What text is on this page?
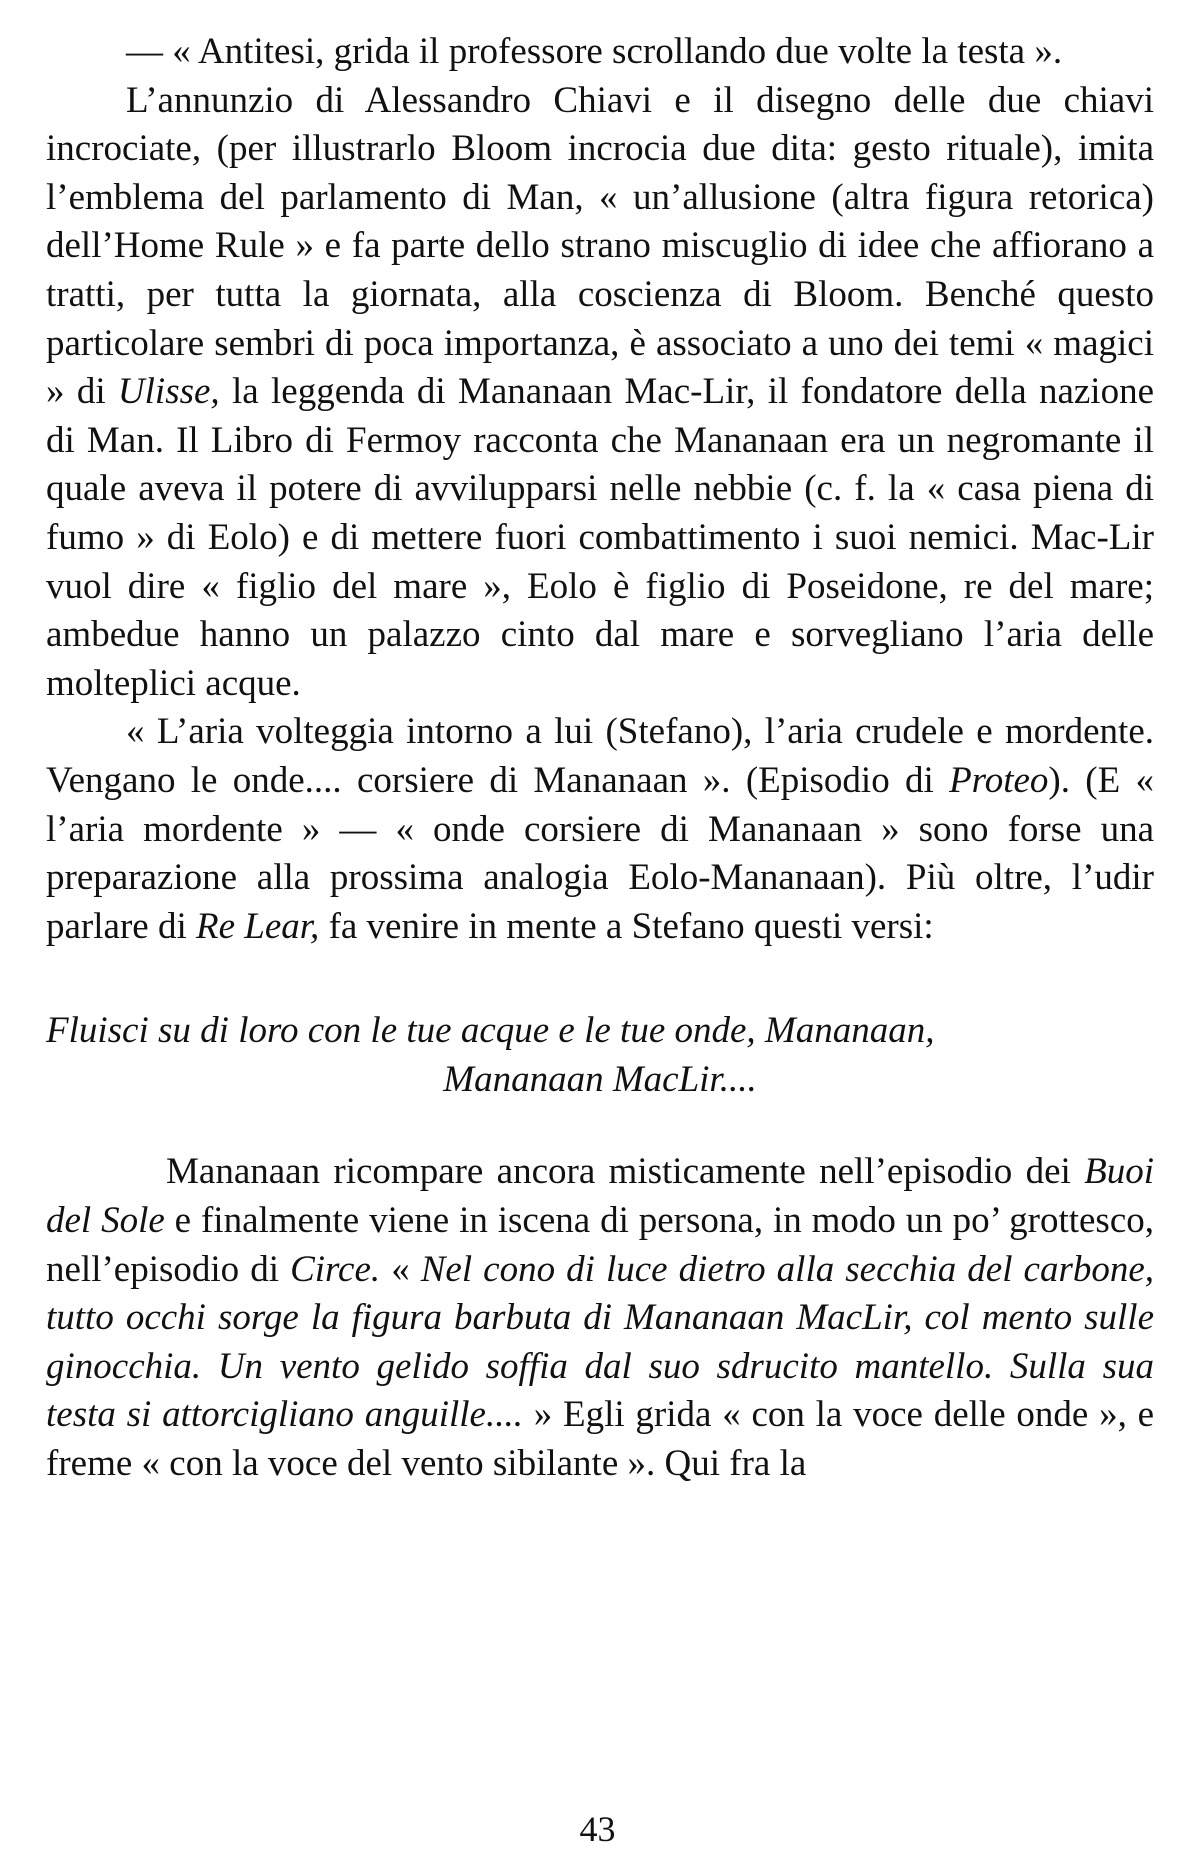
— « Antitesi, grida il professore scrollando due volte la testa ».

L’annunzio di Alessandro Chiavi e il disegno delle due chiavi incrociate, (per illustrarlo Bloom incrocia due dita: gesto rituale), imita l’emblema del parlamento di Man, « un’allusione (altra figura retorica) dell’Home Rule » e fa parte dello strano miscuglio di idee che affiorano a tratti, per tutta la giornata, alla coscienza di Bloom. Benché questo particolare sembri di poca importanza, è associato a uno dei temi « magici » di Ulisse, la leggenda di Mananaan Mac-Lir, il fondatore della nazione di Man. Il Libro di Fermoy racconta che Mananaan era un negromante il quale aveva il potere di avvilupparsi nelle nebbie (c. f. la « casa piena di fumo » di Eolo) e di mettere fuori combattimento i suoi nemici. Mac-Lir vuol dire « figlio del mare », Eolo è figlio di Poseidone, re del mare; ambedue hanno un palazzo cinto dal mare e sorvegliano l’aria delle molteplici acque.

« L’aria volteggia intorno a lui (Stefano), l’aria crudele e mordente. Vengano le onde.... corsiere di Mananaan ». (Episodio di Proteo). (E « l’aria mordente » — « onde corsiere di Mananaan » sono forse una preparazione alla prossima analogia Eolo-Mananaan). Più oltre, l’udir parlare di Re Lear, fa venire in mente a Stefano questi versi:

Fluisci su di loro con le tue acque e le tue onde, Mananaan,
Mananaan MacLir....

Mananaan ricompare ancora misticamente nell’episodio dei Buoi del Sole e finalmente viene in iscena di persona, in modo un po’ grottesco, nell’episodio di Circe. « Nel cono di luce dietro alla secchia del carbone, tutto occhi sorge la figura barbuta di Mananaan MacLir, col mento sulle ginocchia. Un vento gelido soffia dal suo sdrucito mantello. Sulla sua testa si attorcigliano anguille.... » Egli grida « con la voce delle onde », e freme « con la voce del vento sibilante ». Qui fra la

43
